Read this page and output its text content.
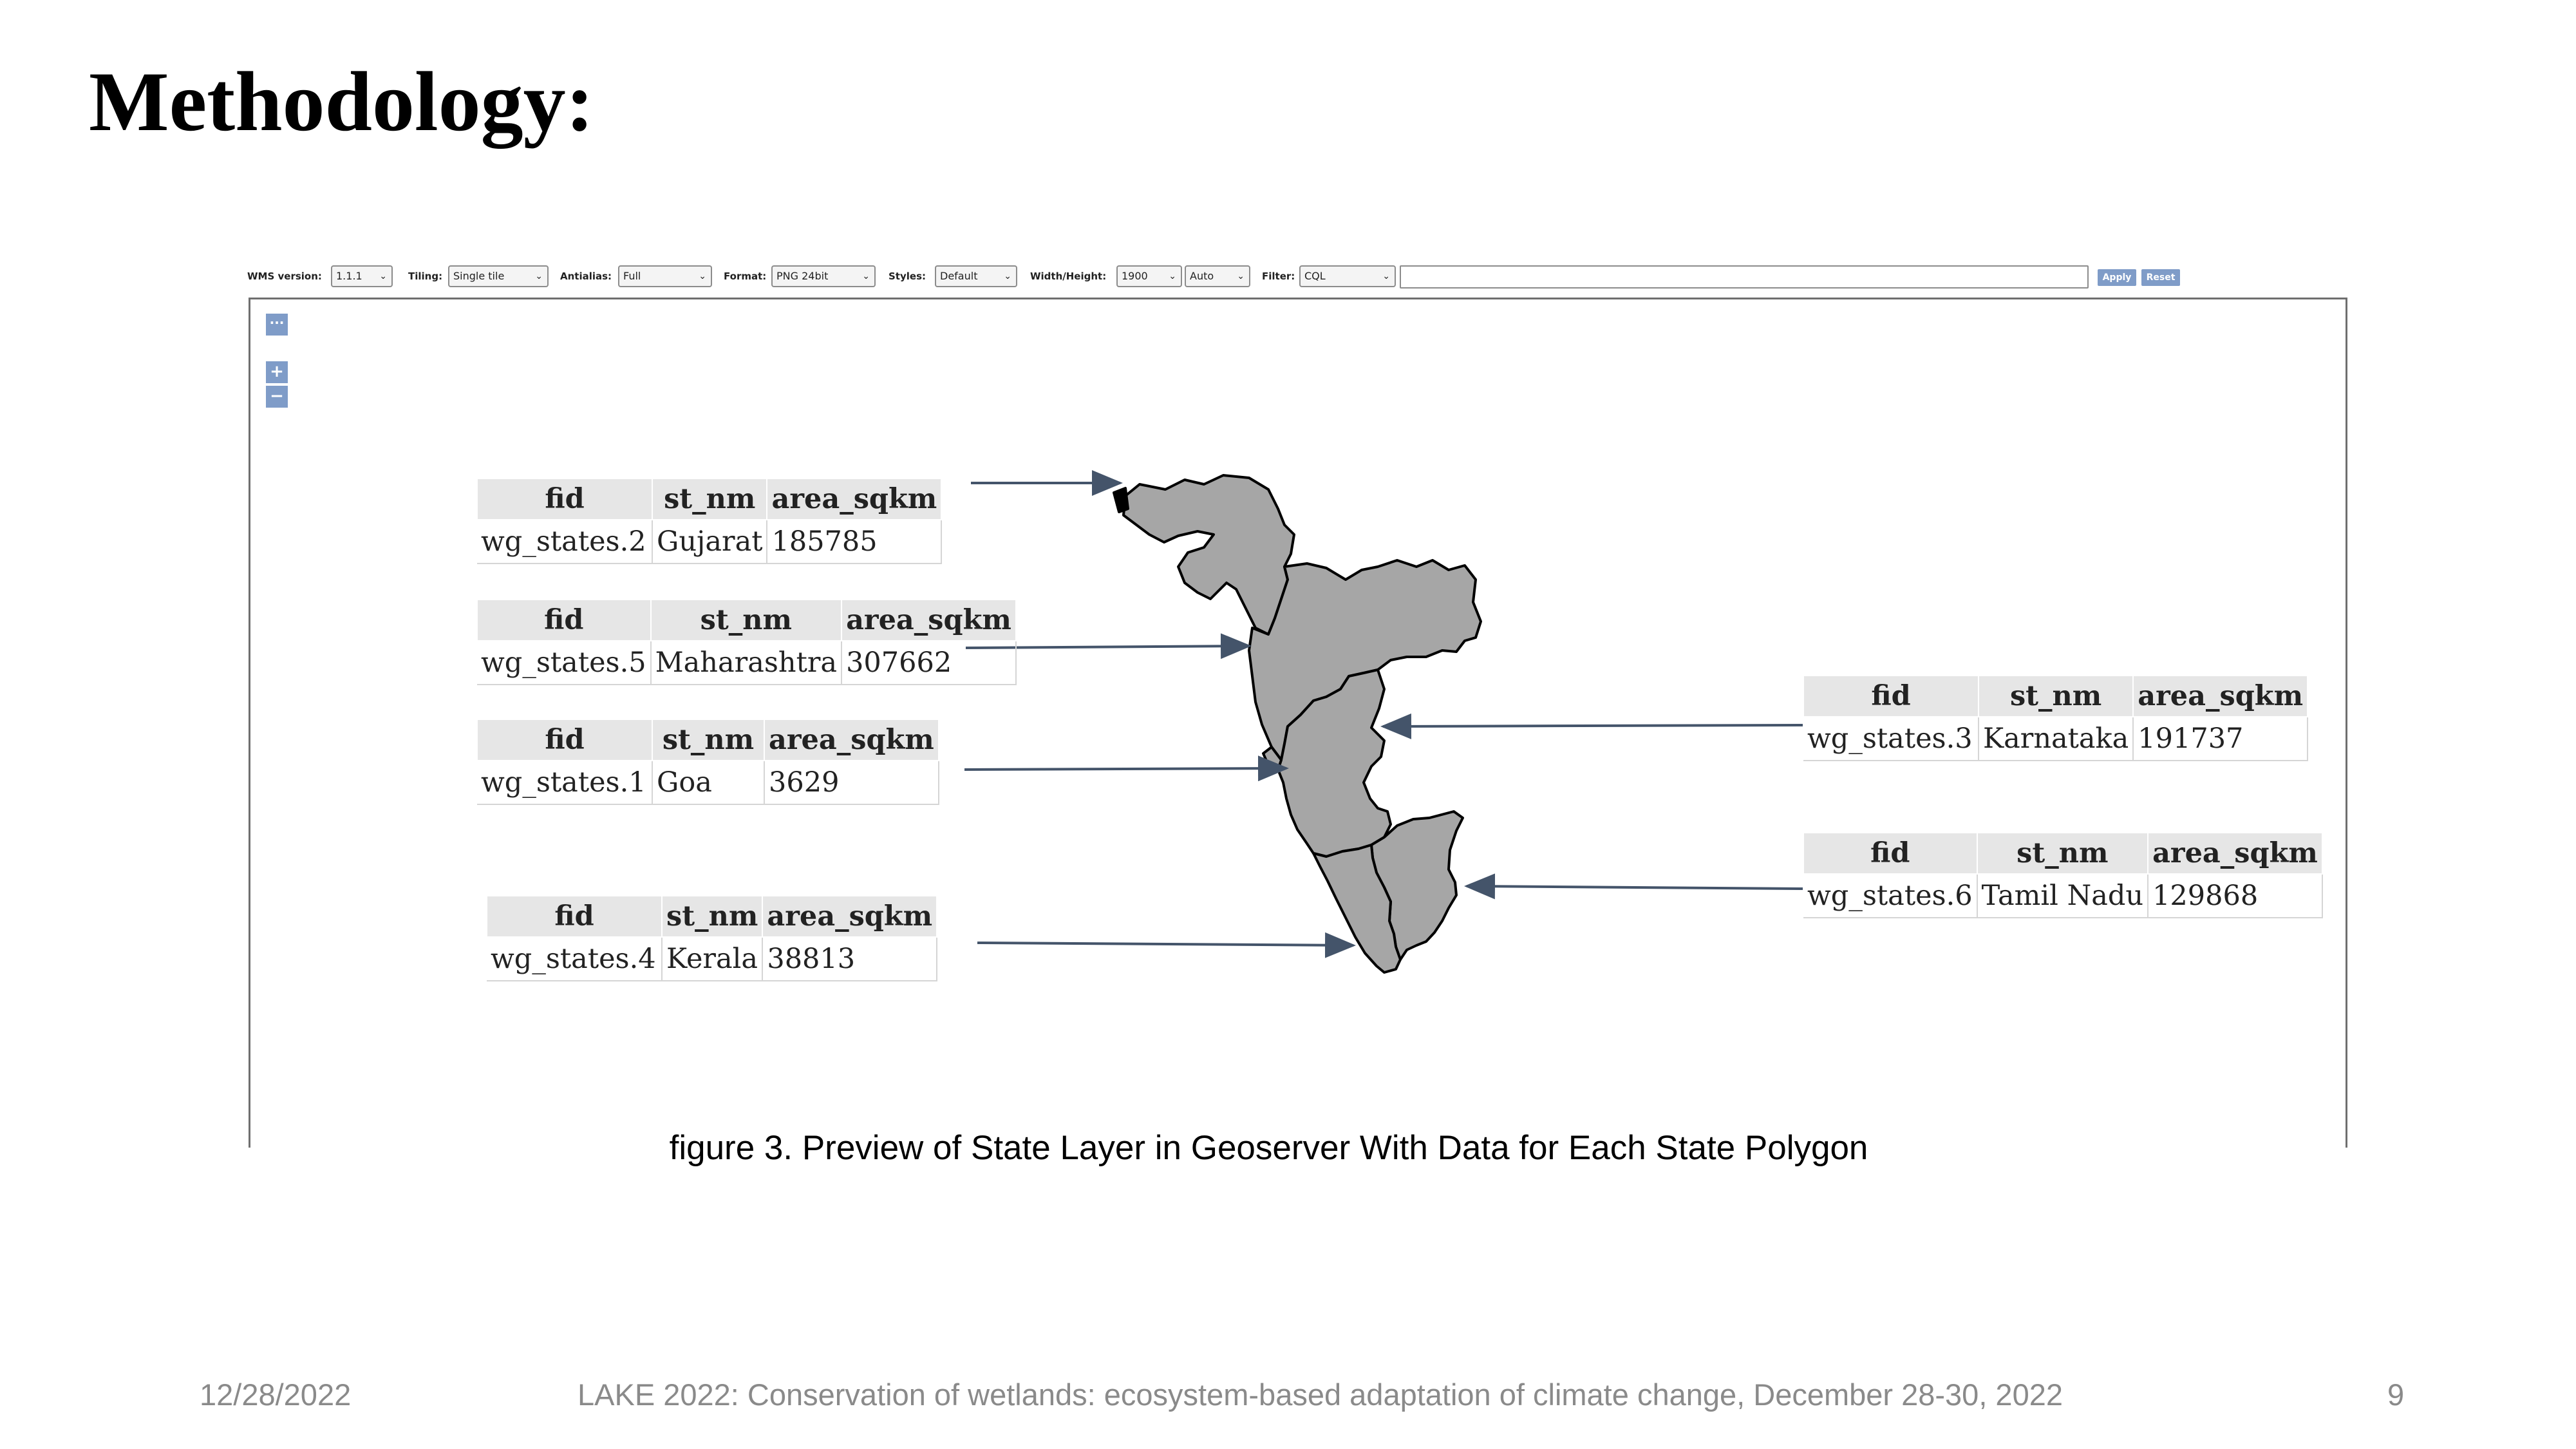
Methodology:
WMS version:	1.1.1 ⌄ Tiling:	Single tile	⌄ Antialias:	Full	⌄ Format: PNG 24bit	⌄ Styles:	Default	⌄ Width/Height:	1900 ⌄	Auto	⌄ Filter: CQL	⌄	Apply	Reset
···
+
−
fid	st_nm	area_sqkm
wg_states.2	Gujarat	185785
fid	st_nm	area_sqkm
wg_states.5	Maharashtra	307662
fid	st_nm	area_sqkm
wg_states.1	Goa	3629
fid	st_nm	area_sqkm
wg_states.4	Kerala	38813
fid	st_nm	area_sqkm
wg_states.3	Karnataka	191737
fid	st_nm	area_sqkm
wg_states.6	Tamil Nadu	129868
figure 3. Preview of State Layer in Geoserver With Data for Each State Polygon
12/28/2022	LAKE 2022: Conservation of wetlands: ecosystem-based adaptation of climate change, December 28-30, 2022	9
